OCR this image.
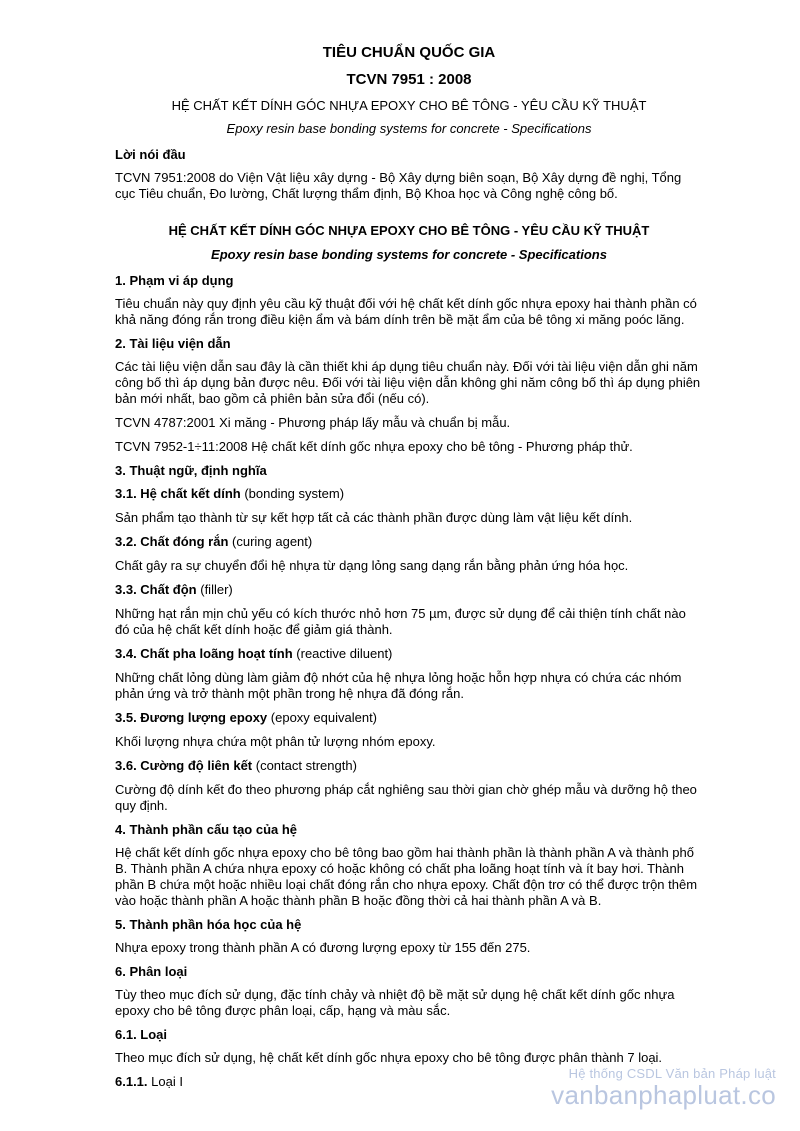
TIÊU CHUẨN QUỐC GIA
TCVN 7951 : 2008
HỆ CHẤT KẾT DÍNH GÓC NHỰA EPOXY CHO BÊ TÔNG - YÊU CẦU KỸ THUẬT
Epoxy resin base bonding systems for concrete - Specifications
Lời nói đầu
TCVN 7951:2008 do Viện Vật liệu xây dựng - Bộ Xây dựng biên soạn, Bộ Xây dựng đề nghị, Tổng cục Tiêu chuẩn, Đo lường, Chất lượng thẩm định, Bộ Khoa học và Công nghệ công bố.
HỆ CHẤT KẾT DÍNH GÓC NHỰA EPOXY CHO BÊ TÔNG - YÊU CẦU KỸ THUẬT
Epoxy resin base bonding systems for concrete - Specifications
1. Phạm vi áp dụng
Tiêu chuẩn này quy định yêu cầu kỹ thuật đối với hệ chất kết dính gốc nhựa epoxy hai thành phần có khả năng đóng rắn trong điều kiện ẩm và bám dính trên bề mặt ẩm của bê tông xi măng poóc lăng.
2. Tài liệu viện dẫn
Các tài liệu viện dẫn sau đây là cần thiết khi áp dụng tiêu chuẩn này. Đối với tài liệu viện dẫn ghi năm công bố thì áp dụng bản được nêu. Đối với tài liệu viện dẫn không ghi năm công bố thì áp dụng phiên bản mới nhất, bao gồm cả phiên bản sửa đổi (nếu có).
TCVN 4787:2001 Xi măng - Phương pháp lấy mẫu và chuẩn bị mẫu.
TCVN 7952-1÷11:2008 Hệ chất kết dính gốc nhựa epoxy cho bê tông - Phương pháp thử.
3. Thuật ngữ, định nghĩa
3.1. Hệ chất kết dính (bonding system)
Sản phẩm tạo thành từ sự kết hợp tất cả các thành phần được dùng làm vật liệu kết dính.
3.2. Chất đóng rắn (curing agent)
Chất gây ra sự chuyển đổi hệ nhựa từ dạng lỏng sang dạng rắn bằng phản ứng hóa học.
3.3. Chất độn (filler)
Những hạt rắn mịn chủ yếu có kích thước nhỏ hơn 75 µm, được sử dụng để cải thiện tính chất nào đó của hệ chất kết dính hoặc để giảm giá thành.
3.4. Chất pha loãng hoạt tính (reactive diluent)
Những chất lỏng dùng làm giảm độ nhớt của hệ nhựa lỏng hoặc hỗn hợp nhựa có chứa các nhóm phản ứng và trở thành một phần trong hệ nhựa đã đóng rắn.
3.5. Đương lượng epoxy (epoxy equivalent)
Khối lượng nhựa chứa một phân tử lượng nhóm epoxy.
3.6. Cường độ liên kết (contact strength)
Cường độ dính kết đo theo phương pháp cắt nghiêng sau thời gian chờ ghép mẫu và dưỡng hộ theo quy định.
4. Thành phần cấu tạo của hệ
Hệ chất kết dính gốc nhựa epoxy cho bê tông bao gồm hai thành phần là thành phần A và thành phố B. Thành phần A chứa nhựa epoxy có hoặc không có chất pha loãng hoạt tính và ít bay hơi. Thành phần B chứa một hoặc nhiều loại chất đóng rắn cho nhựa epoxy. Chất độn trơ có thể được trộn thêm vào hoặc thành phần A hoặc thành phần B hoặc đồng thời cả hai thành phần A và B.
5. Thành phần hóa học của hệ
Nhựa epoxy trong thành phần A có đương lượng epoxy từ 155 đến 275.
6. Phân loại
Tùy theo mục đích sử dụng, đặc tính chảy và nhiệt độ bề mặt sử dụng hệ chất kết dính gốc nhựa epoxy cho bê tông được phân loại, cấp, hạng và màu sắc.
6.1. Loại
Theo mục đích sử dụng, hệ chất kết dính gốc nhựa epoxy cho bê tông được phân thành 7 loại.
6.1.1. Loại I
Hệ thống CSDL Văn bản Pháp luật
vanbanphapluat.co
